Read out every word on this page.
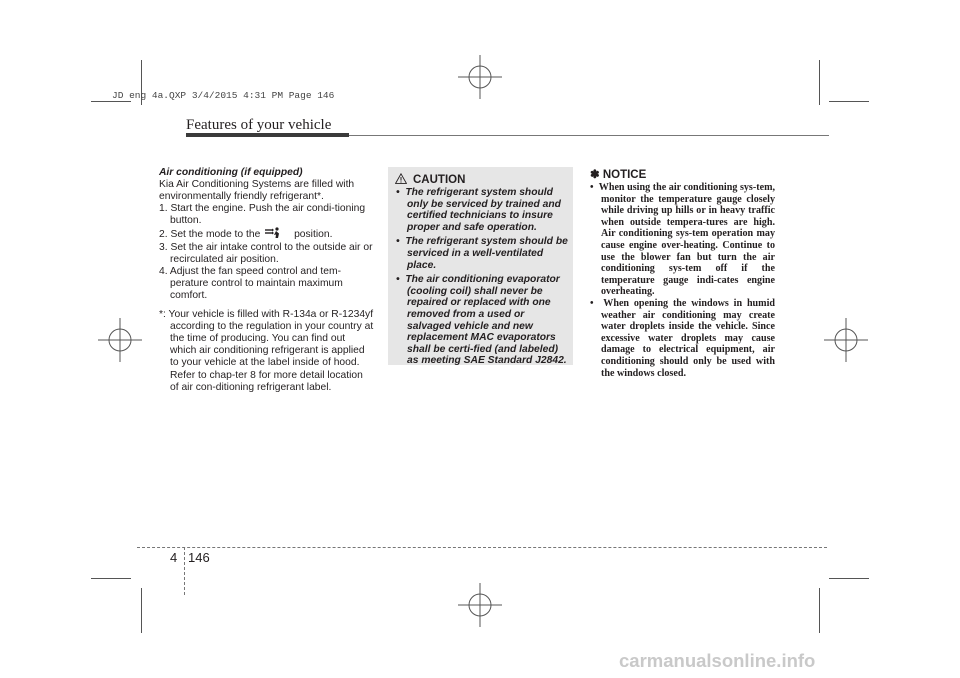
JD eng 4a.QXP 3/4/2015 4:31 PM Page 146
Features of your vehicle

Air conditioning (if equipped)

Kia Air Conditioning Systems are filled with environmentally friendly refrigerant*.

1. Start the engine. Push the air condi-tioning button.

2. Set the mode to the	position.

3. Set the air intake control to the outside air or recirculated air position.

4. Adjust the fan speed control and tem-perature control to maintain maximum comfort.

*: Your vehicle is filled with R-134a or R-1234yf according to the regulation in your country at the time of producing. You can find out which air conditioning refrigerant is applied to your vehicle at the label inside of hood. Refer to chap-ter 8 for more detail location of air con-ditioning refrigerant label.

CAUTION
•  The refrigerant system should only be serviced by trained and certified technicians to insure proper and safe operation.
•  The refrigerant system should be serviced in a well-ventilated place.
•  The air conditioning evaporator (cooling coil) shall never be repaired or replaced with one removed from a used or salvaged vehicle and new replacement MAC evaporators shall be certi-fied (and labeled) as meeting SAE Standard J2842.
✽ NOTICE
•  When using the air conditioning sys-tem, monitor the temperature gauge closely while driving up hills or in heavy traffic when outside tempera-tures are high. Air conditioning sys-tem operation may cause engine over-heating. Continue to use the blower fan but turn the air conditioning sys-tem off if the temperature gauge indi-cates engine overheating.
•  When opening the windows in humid weather air conditioning may create water droplets inside the vehicle. Since excessive water droplets may cause damage to electrical equipment, air conditioning should only be used with the windows closed.
4 146
carmanualsonline.info
